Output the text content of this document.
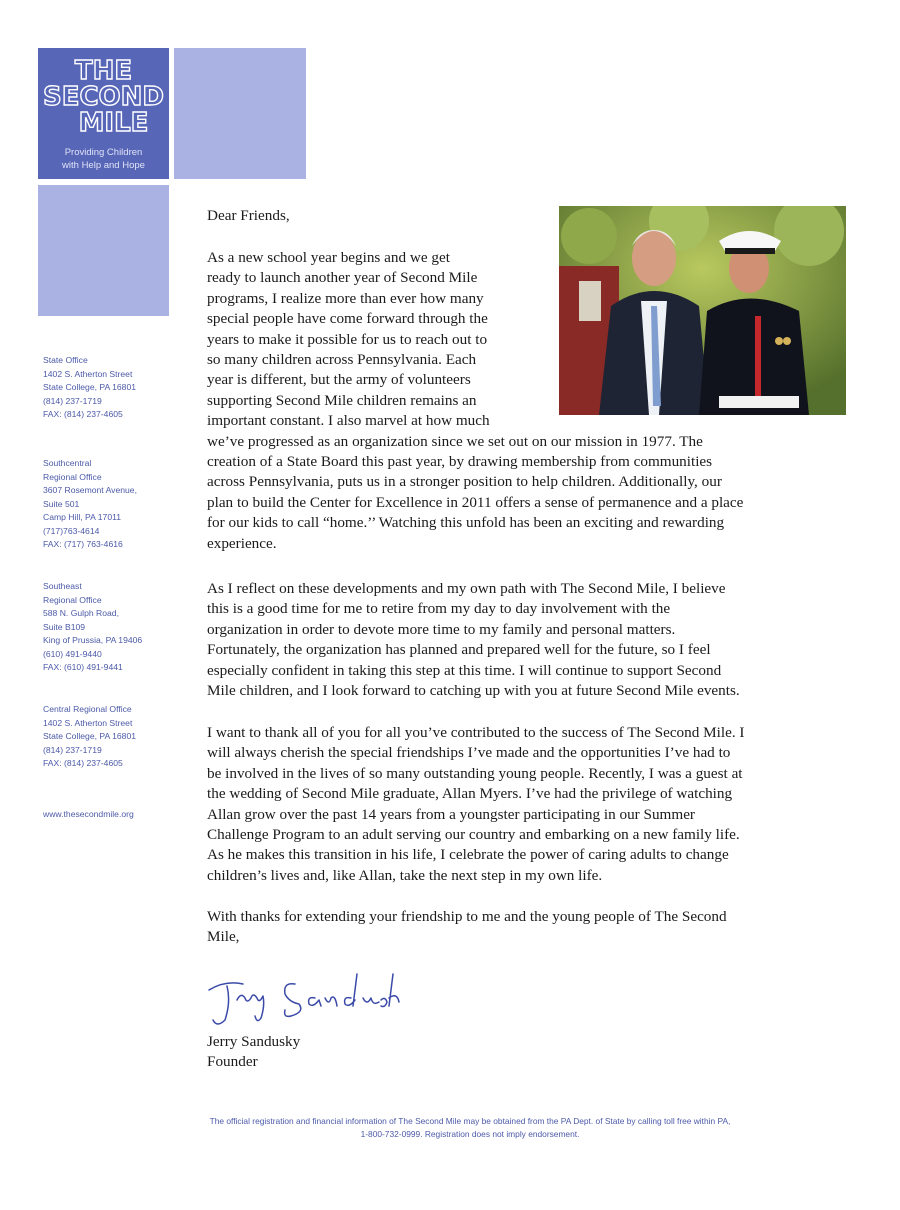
THE
SECOND
MILE
Providing Children
with Help and Hope
State Office
1402 S. Atherton Street
State College, PA 16801
(814) 237-1719
FAX: (814) 237-4605
Southcentral
Regional Office
3607 Rosemont Avenue,
Suite 501
Camp Hill, PA 17011
(717)763-4614
FAX: (717) 763-4616
Southeast
Regional Office
588 N. Gulph Road,
Suite B109
King of Prussia, PA 19406
(610) 491-9440
FAX: (610) 491-9441
Central Regional Office
1402 S. Atherton Street
State College, PA 16801
(814) 237-1719
FAX: (814) 237-4605
www.thesecondmile.org
Dear Friends,
As a new school year begins and we get
ready to launch another year of Second Mile
programs, I realize more than ever how many
special people have come forward through the
years to make it possible for us to reach out to
so many children across Pennsylvania. Each
year is different, but the army of volunteers
supporting Second Mile children remains an
important constant. I also marvel at how much
we’ve progressed as an organization since we set out on our mission in 1977. The
creation of a State Board this past year, by drawing membership from communities
across Pennsylvania, puts us in a stronger position to help children. Additionally, our
plan to build the Center for Excellence in 2011 offers a sense of permanence and a place
for our kids to call “home.’’ Watching this unfold has been an exciting and rewarding
experience.
As I reflect on these developments and my own path with The Second Mile, I believe
this is a good time for me to retire from my day to day involvement with the
organization in order to devote more time to my family and personal matters.
Fortunately, the organization has planned and prepared well for the future, so I feel
especially confident in taking this step at this time. I will continue to support Second
Mile children, and I look forward to catching up with you at future Second Mile events.
I want to thank all of you for all you’ve contributed to the success of The Second Mile. I
will always cherish the special friendships I’ve made and the opportunities I’ve had to
be involved in the lives of so many outstanding young people. Recently, I was a guest at
the wedding of Second Mile graduate, Allan Myers. I’ve had the privilege of watching
Allan grow over the past 14 years from a youngster participating in our Summer
Challenge Program to an adult serving our country and embarking on a new family life.
As he makes this transition in his life, I celebrate the power of caring adults to change
children’s lives and, like Allan, take the next step in my own life.
With thanks for extending your friendship to me and the young people of The Second
Mile,
Jerry Sandusky
Founder
The official registration and financial information of The Second Mile may be obtained from the PA Dept. of State by calling toll free within PA,
1-800-732-0999. Registration does not imply endorsement.
